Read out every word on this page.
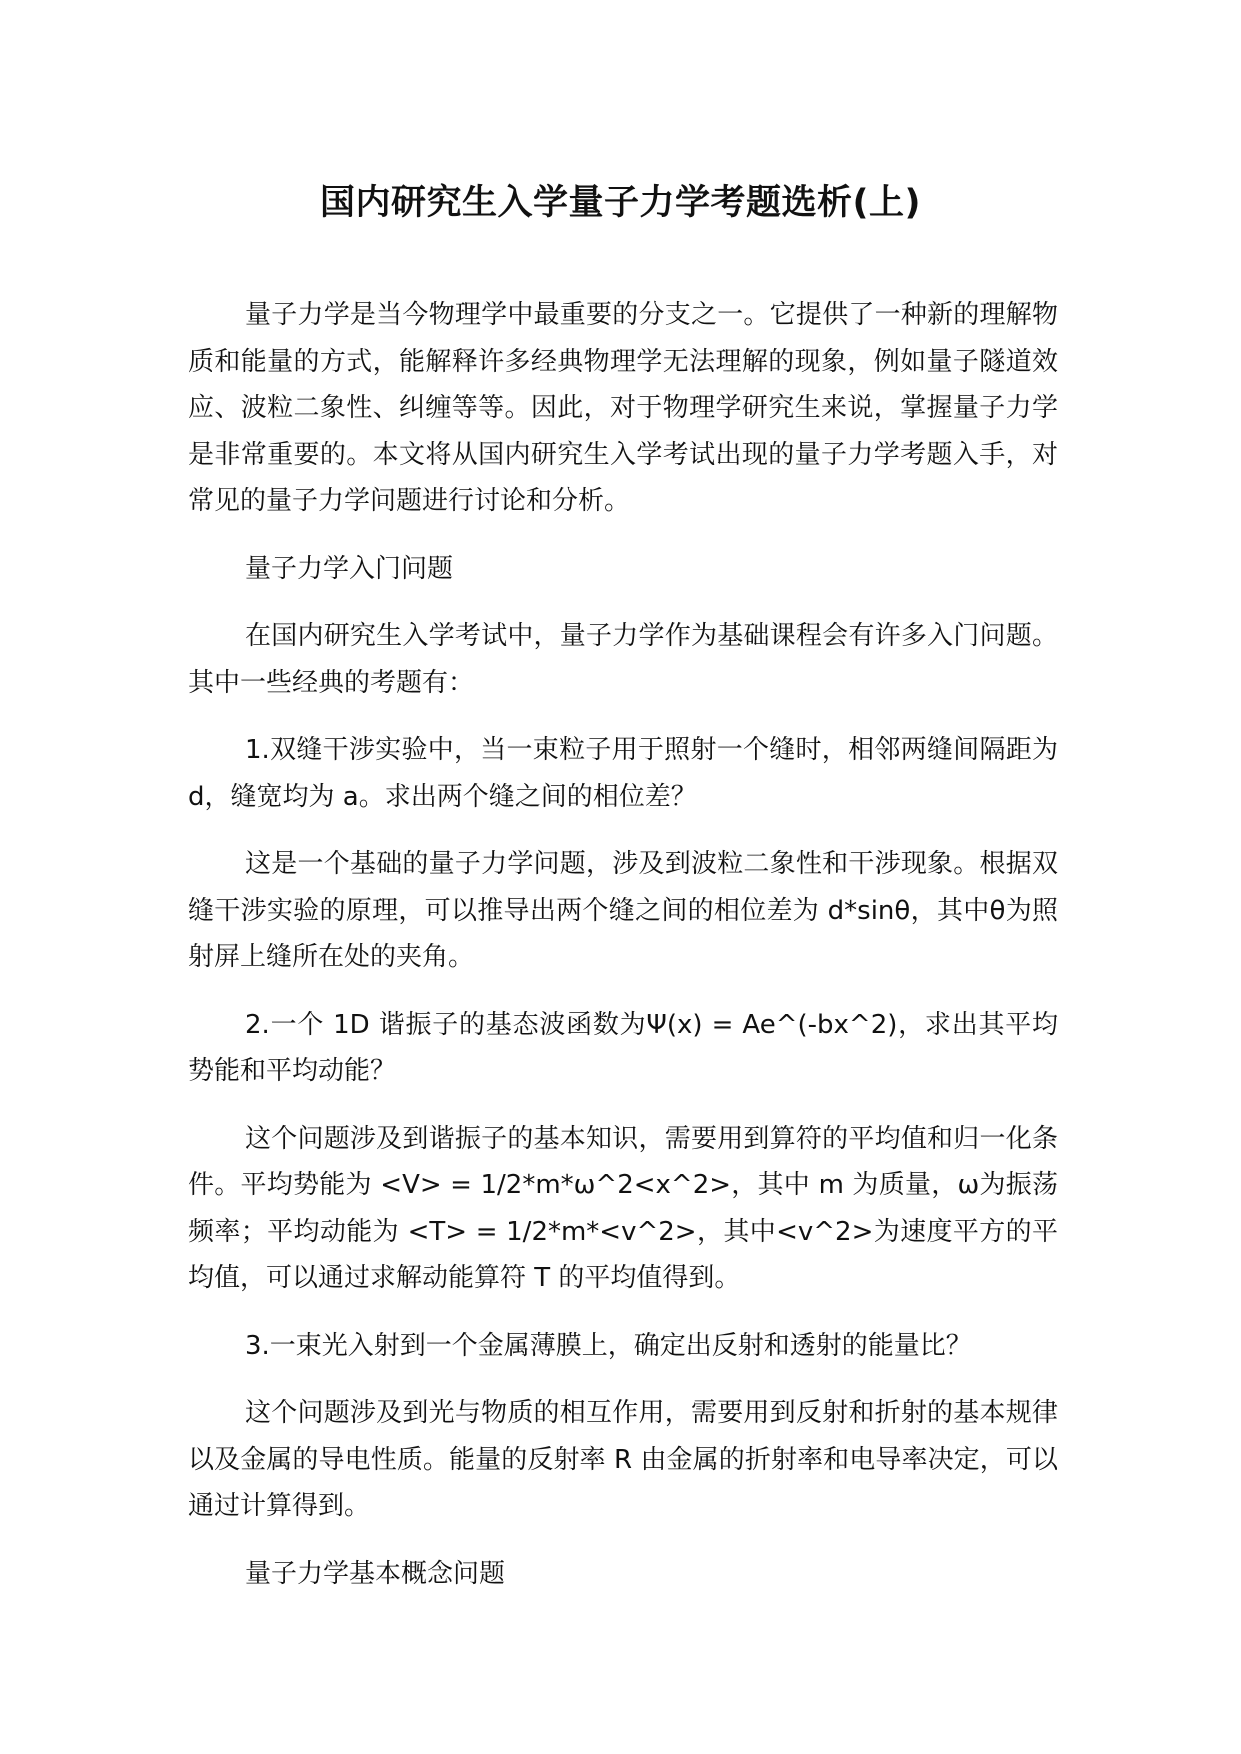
国内研究生入学量子力学考题选析(上)

量子力学是当今物理学中最重要的分支之一。它提供了一种新的理解物质和能量的方式，能解释许多经典物理学无法理解的现象，例如量子隧道效应、波粒二象性、纠缠等等。因此，对于物理学研究生来说，掌握量子力学是非常重要的。本文将从国内研究生入学考试出现的量子力学考题入手，对常见的量子力学问题进行讨论和分析。

量子力学入门问题

在国内研究生入学考试中，量子力学作为基础课程会有许多入门问题。其中一些经典的考题有：

1.双缝干涉实验中，当一束粒子用于照射一个缝时，相邻两缝间隔距为 d，缝宽均为 a。求出两个缝之间的相位差？

这是一个基础的量子力学问题，涉及到波粒二象性和干涉现象。根据双缝干涉实验的原理，可以推导出两个缝之间的相位差为 d*sinθ，其中θ为照射屏上缝所在处的夹角。

2.一个 1D 谐振子的基态波函数为Ψ(x) = Ae^(-bx^2)，求出其平均势能和平均动能？

这个问题涉及到谐振子的基本知识，需要用到算符的平均值和归一化条件。平均势能为 <V> = 1/2*m*ω^2<x^2>，其中 m 为质量，ω为振荡频率；平均动能为 <T> = 1/2*m*<v^2>，其中<v^2>为速度平方的平均值，可以通过求解动能算符 T 的平均值得到。

3.一束光入射到一个金属薄膜上，确定出反射和透射的能量比？

这个问题涉及到光与物质的相互作用，需要用到反射和折射的基本规律以及金属的导电性质。能量的反射率 R 由金属的折射率和电导率决定，可以通过计算得到。

量子力学基本概念问题
